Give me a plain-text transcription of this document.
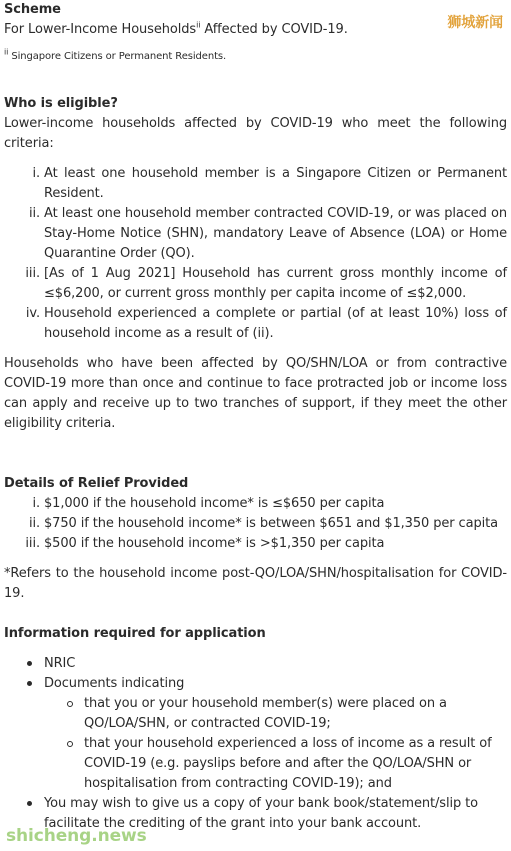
Scheme
For Lower-Income Households$^{ii}$ Affected by COVID-19.
$^{ii}$ Singapore Citizens or Permanent Residents.
Who is eligible?
Lower-income households affected by COVID-19 who meet the following criteria:
i. At least one household member is a Singapore Citizen or Permanent Resident.
ii. At least one household member contracted COVID-19, or was placed on Stay-Home Notice (SHN), mandatory Leave of Absence (LOA) or Home Quarantine Order (QO).
iii. [As of 1 Aug 2021] Household has current gross monthly income of ≤$6,200, or current gross monthly per capita income of ≤$2,000.
iv. Household experienced a complete or partial (of at least 10%) loss of household income as a result of (ii).
Households who have been affected by QO/SHN/LOA or from contractive COVID-19 more than once and continue to face protracted job or income loss can apply and receive up to two tranches of support, if they meet the other eligibility criteria.
Details of Relief Provided
i. $1,000 if the household income* is ≤$650 per capita
ii. $750 if the household income* is between $651 and $1,350 per capita
iii. $500 if the household income* is >$1,350 per capita
*Refers to the household income post-QO/LOA/SHN/hospitalisation for COVID-19.
Information required for application
NRIC
Documents indicating
that you or your household member(s) were placed on a QO/LOA/SHN, or contracted COVID-19;
that your household experienced a loss of income as a result of COVID-19 (e.g. payslips before and after the QO/LOA/SHN or hospitalisation from contracting COVID-19); and
You may wish to give us a copy of your bank book/statement/slip to facilitate the crediting of the grant into your bank account.
狮城新闻
shicheng.news
